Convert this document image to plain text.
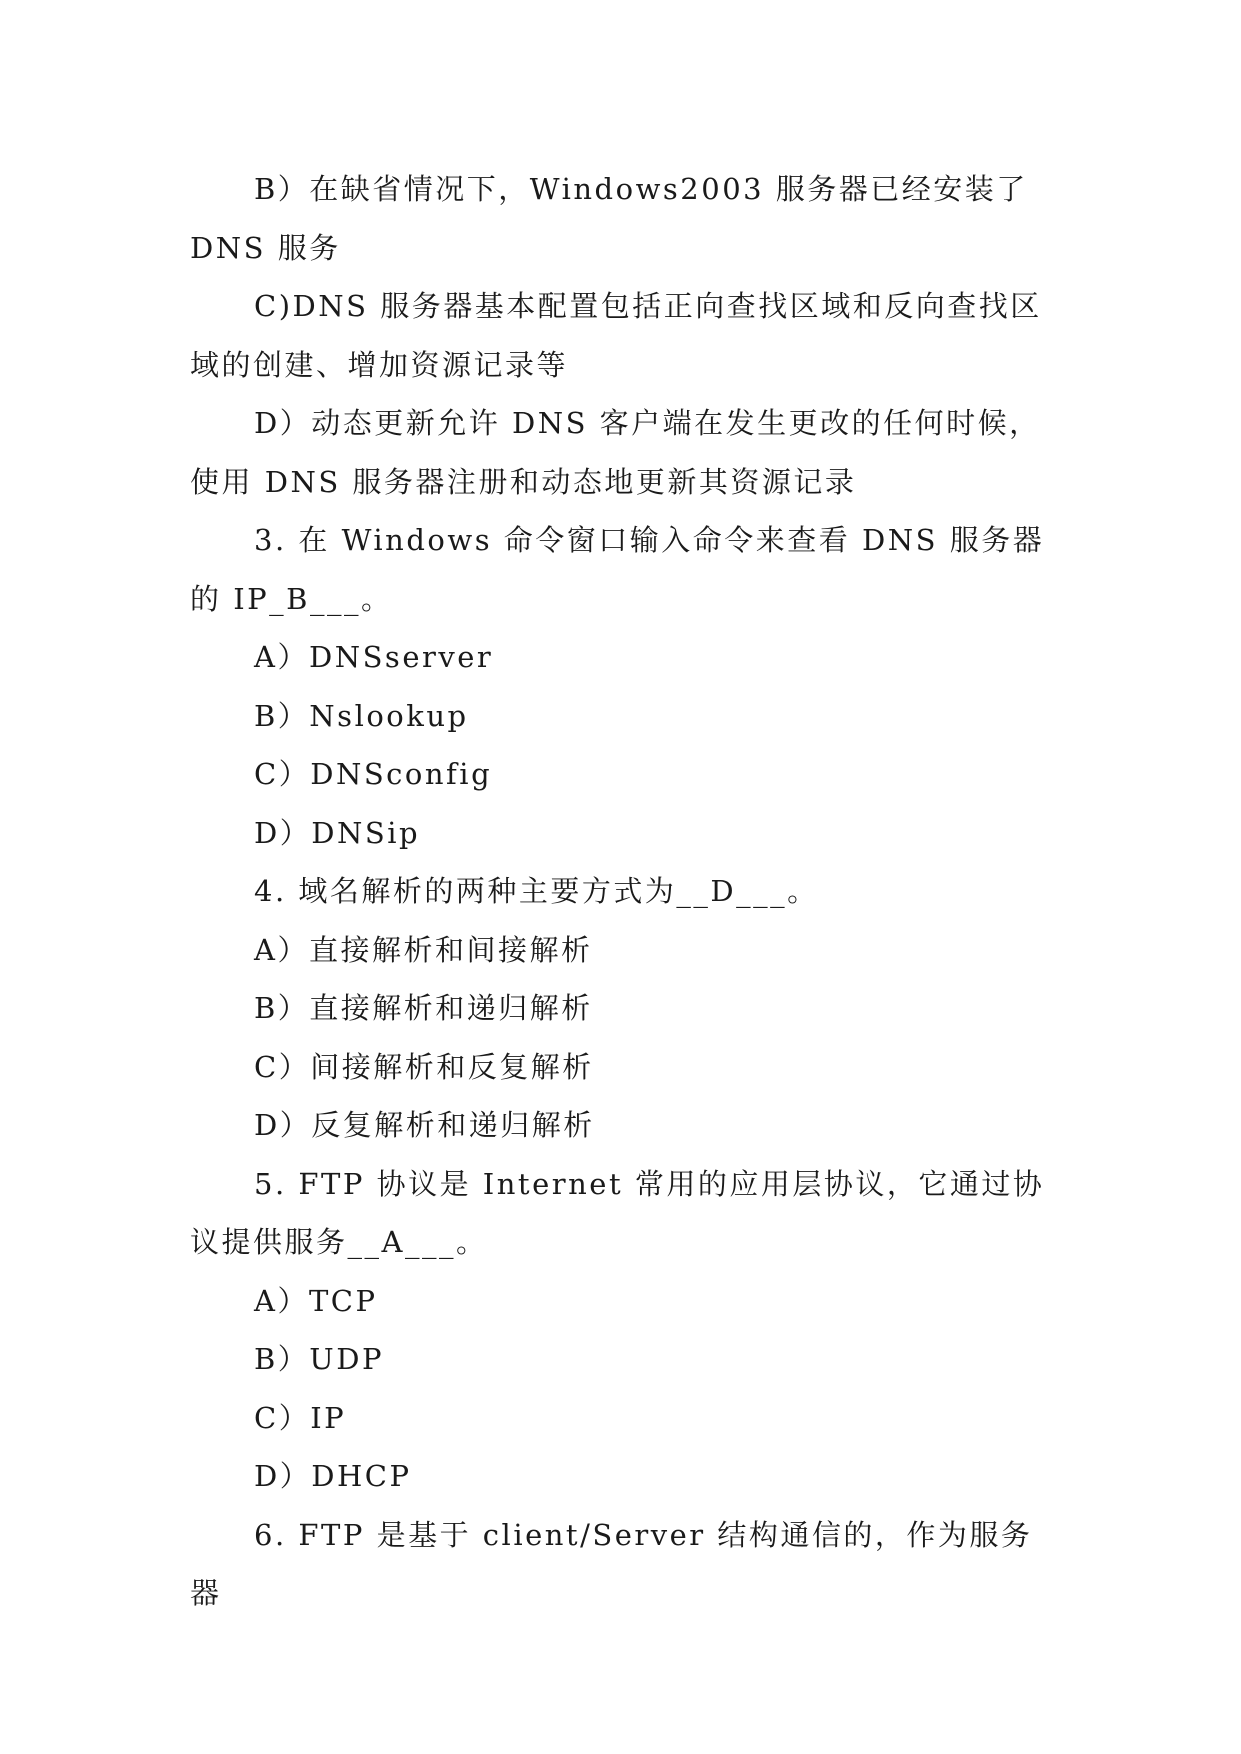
B）在缺省情况下，Windows2003 服务器已经安装了 DNS 服务

C)DNS 服务器基本配置包括正向查找区域和反向查找区域的创建、增加资源记录等

D）动态更新允许 DNS 客户端在发生更改的任何时候，使用 DNS 服务器注册和动态地更新其资源记录

3. 在 Windows 命令窗口输入命令来查看 DNS 服务器的 IP_B___。

A）DNSserver

B）Nslookup

C）DNSconfig

D）DNSip

4. 域名解析的两种主要方式为__D___。

A）直接解析和间接解析

B）直接解析和递归解析

C）间接解析和反复解析

D）反复解析和递归解析

5. FTP 协议是 Internet 常用的应用层协议，它通过协议提供服务__A___。

A）TCP

B）UDP

C）IP

D）DHCP

6. FTP 是基于 client/Server 结构通信的，作为服务器
